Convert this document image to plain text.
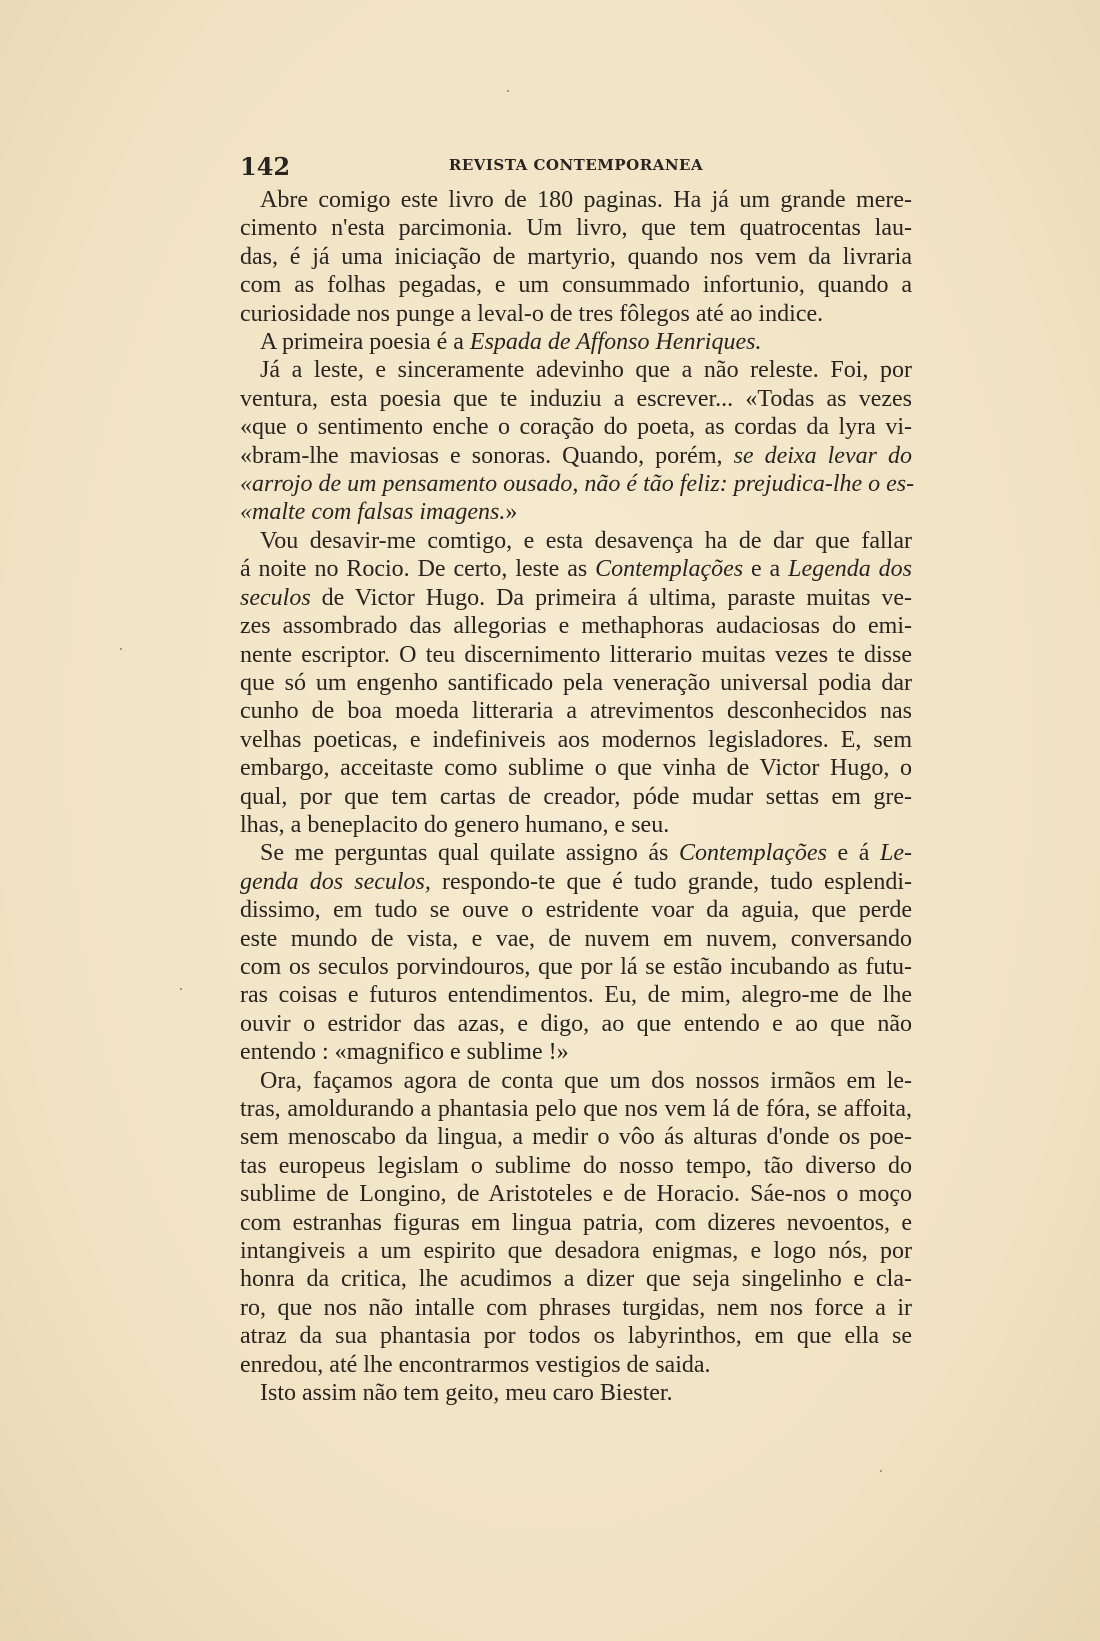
142	REVISTA CONTEMPORANEA

Abre comigo este livro de 180 paginas. Ha já um grande mere-
cimento n'esta parcimonia. Um livro, que tem quatrocentas lau-
das, é já uma iniciação de martyrio, quando nos vem da livraria
com as folhas pegadas, e um consummado infortunio, quando a
curiosidade nos punge a leval-o de tres fôlegos até ao indice.

A primeira poesia é a Espada de Affonso Henriques.

Já a leste, e sinceramente adevinho que a não releste. Foi, por
ventura, esta poesia que te induziu a escrever... «Todas as vezes
«que o sentimento enche o coração do poeta, as cordas da lyra vi-
«bram-lhe maviosas e sonoras. Quando, porém, se deixa levar do
«arrojo de um pensamento ousado, não é tão feliz: prejudica-lhe o es-
«malte com falsas imagens.»

Vou desavir-me comtigo, e esta desavença ha de dar que fallar
á noite no Rocio. De certo, leste as Contemplações e a Legenda dos
seculos de Victor Hugo. Da primeira á ultima, paraste muitas ve-
zes assombrado das allegorias e methaphoras audaciosas do emi-
nente escriptor. O teu discernimento litterario muitas vezes te disse
que só um engenho santificado pela veneração universal podia dar
cunho de boa moeda litteraria a atrevimentos desconhecidos nas
velhas poeticas, e indefiniveis aos modernos legisladores. E, sem
embargo, acceitaste como sublime o que vinha de Victor Hugo, o
qual, por que tem cartas de creador, póde mudar settas em gre-
lhas, a beneplacito do genero humano, e seu.

Se me perguntas qual quilate assigno ás Contemplações e á Le-
genda dos seculos, respondo-te que é tudo grande, tudo esplendi-
dissimo, em tudo se ouve o estridente voar da aguia, que perde
este mundo de vista, e vae, de nuvem em nuvem, conversando
com os seculos porvindouros, que por lá se estão incubando as futu-
ras coisas e futuros entendimentos. Eu, de mim, alegro-me de lhe
ouvir o estridor das azas, e digo, ao que entendo e ao que não
entendo : «magnifico e sublime !»

Ora, façamos agora de conta que um dos nossos irmãos em le-
tras, amoldurando a phantasia pelo que nos vem lá de fóra, se affoita,
sem menoscabo da lingua, a medir o vôo ás alturas d'onde os poe-
tas europeus legislam o sublime do nosso tempo, tão diverso do
sublime de Longino, de Aristoteles e de Horacio. Sáe-nos o moço
com estranhas figuras em lingua patria, com dizeres nevoentos, e
intangiveis a um espirito que desadora enigmas, e logo nós, por
honra da critica, lhe acudimos a dizer que seja singelinho e cla-
ro, que nos não intalle com phrases turgidas, nem nos force a ir
atraz da sua phantasia por todos os labyrinthos, em que ella se
enredou, até lhe encontrarmos vestigios de saida.

Isto assim não tem geito, meu caro Biester.
